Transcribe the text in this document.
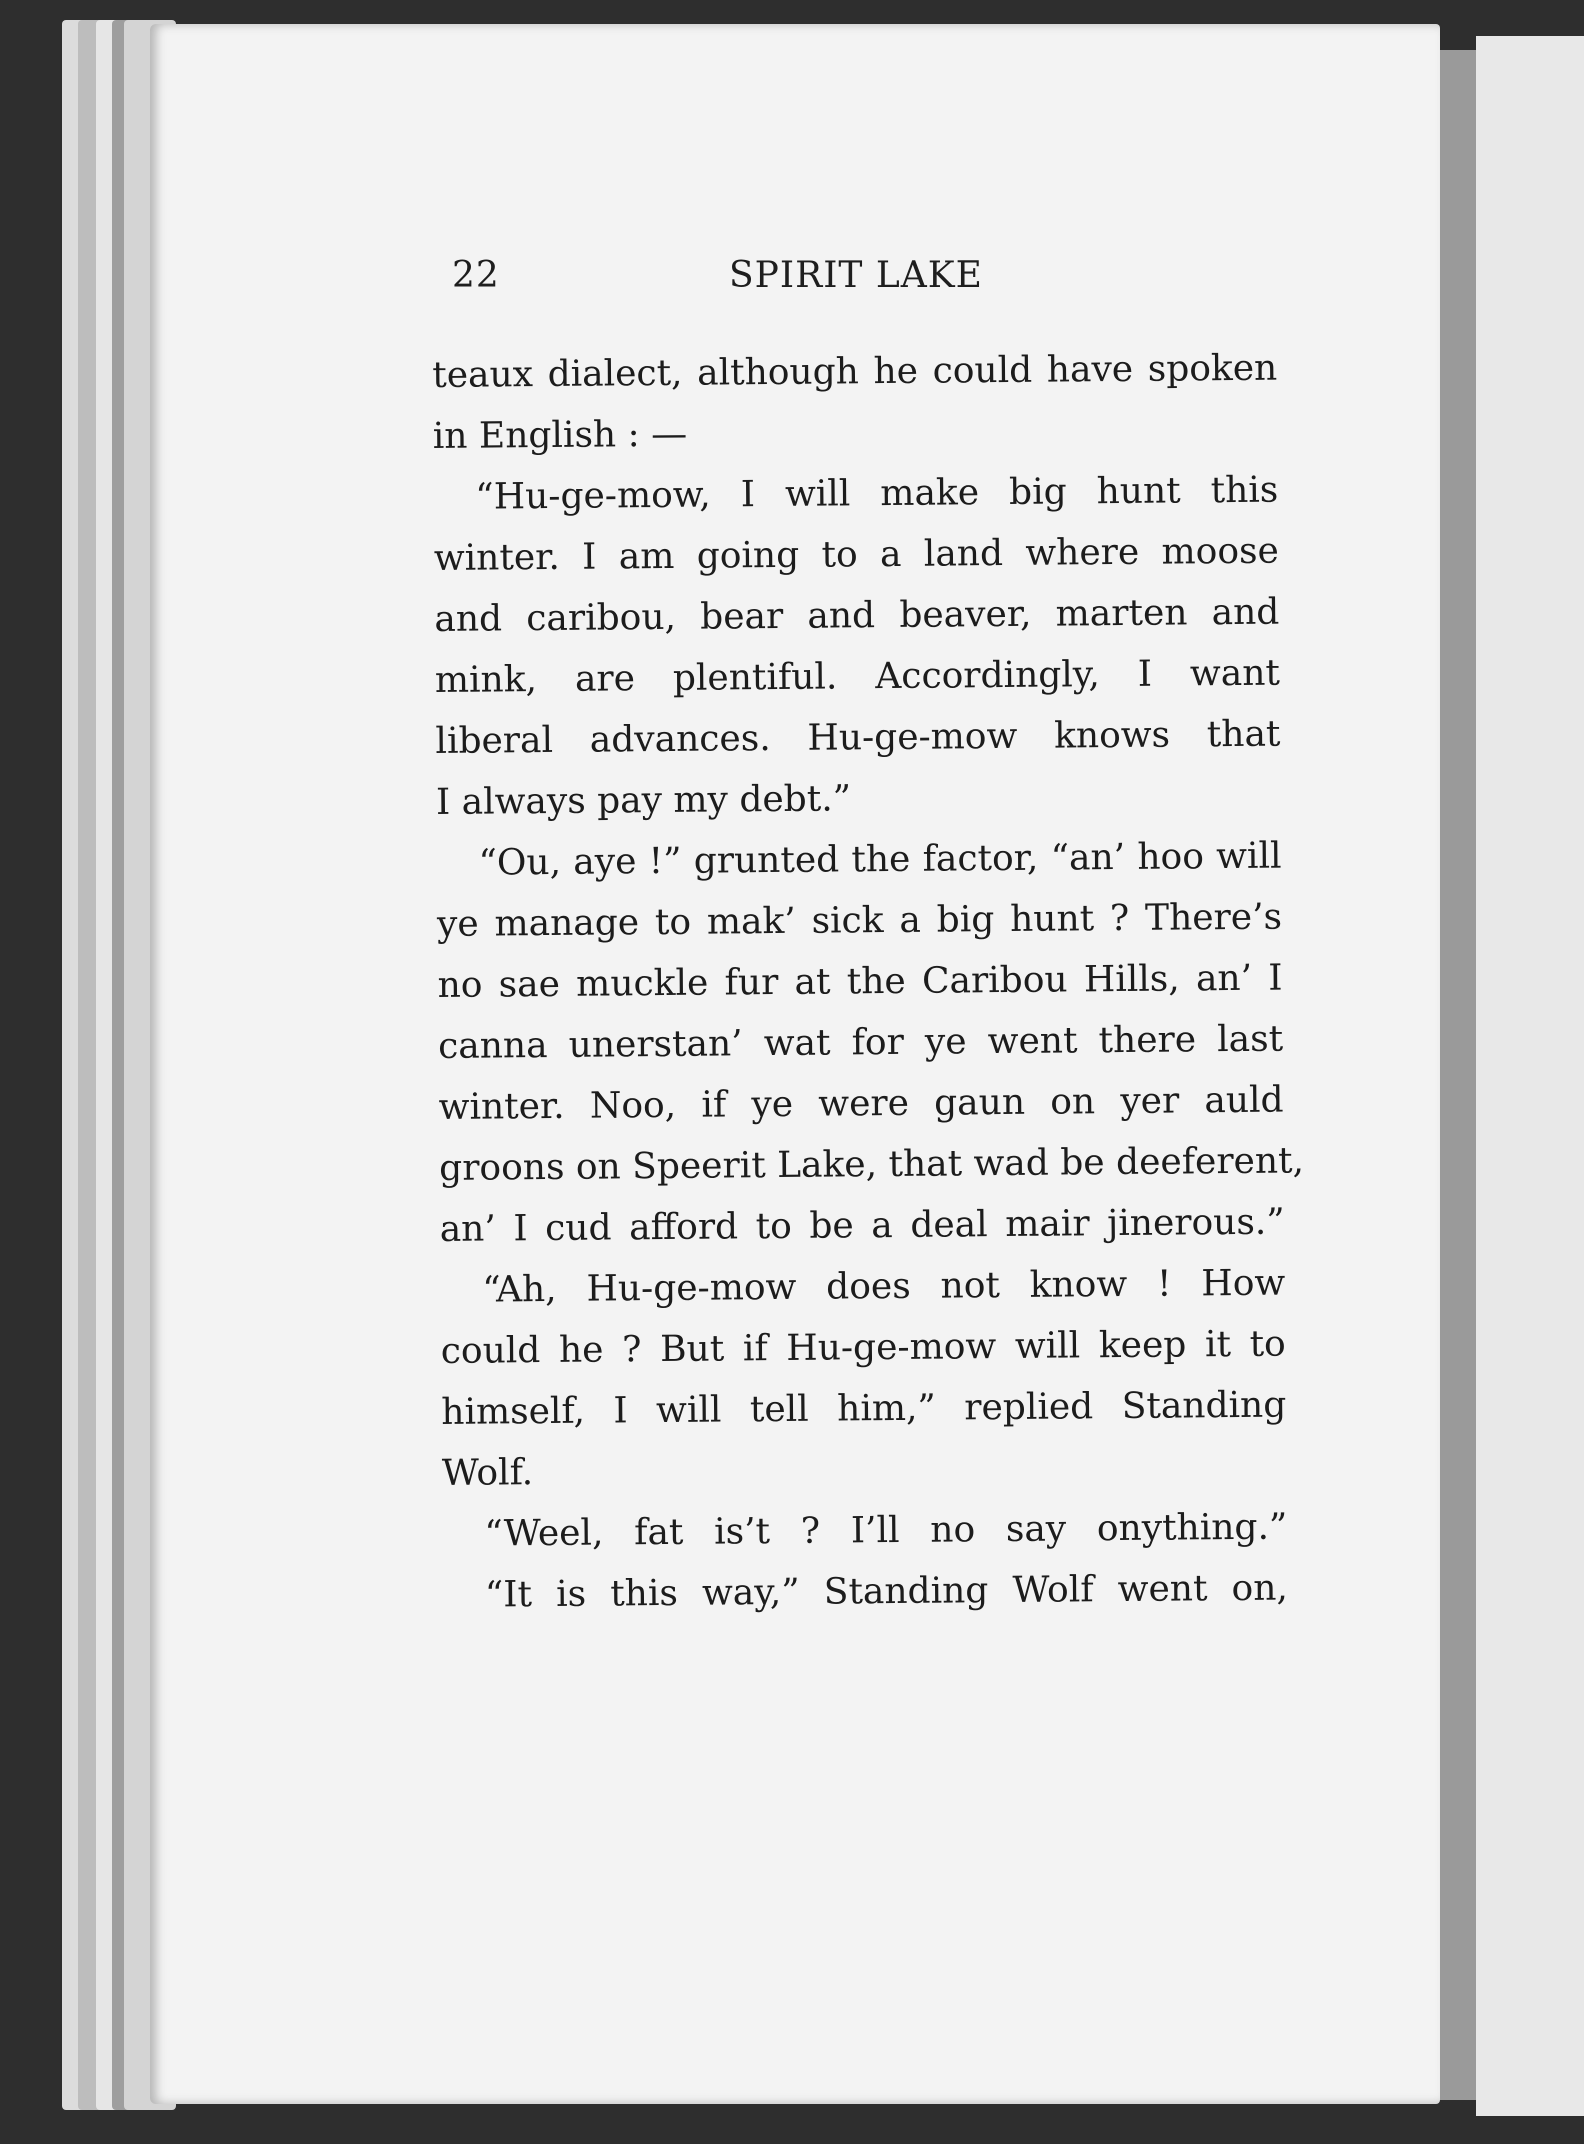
22	SPIRIT LAKE
teaux dialect, although he could have spoken
in English : —
“Hu-ge-mow, I will make big hunt this
winter. I am going to a land where moose
and caribou, bear and beaver, marten and
mink, are plentiful. Accordingly, I want
liberal advances. Hu-ge-mow knows that
I always pay my debt.”
“Ou, aye !” grunted the factor, “an’ hoo will
ye manage to mak’ sick a big hunt ? There’s
no sae muckle fur at the Caribou Hills, an’ I
canna unerstan’ wat for ye went there last
winter. Noo, if ye were gaun on yer auld
groons on Speerit Lake, that wad be deeferent,
an’ I cud afford to be a deal mair jinerous.”
“Ah, Hu-ge-mow does not know ! How
could he ? But if Hu-ge-mow will keep it to
himself, I will tell him,” replied Standing
Wolf.
“Weel, fat is’t ? I’ll no say onything.”
“It is this way,” Standing Wolf went on,
